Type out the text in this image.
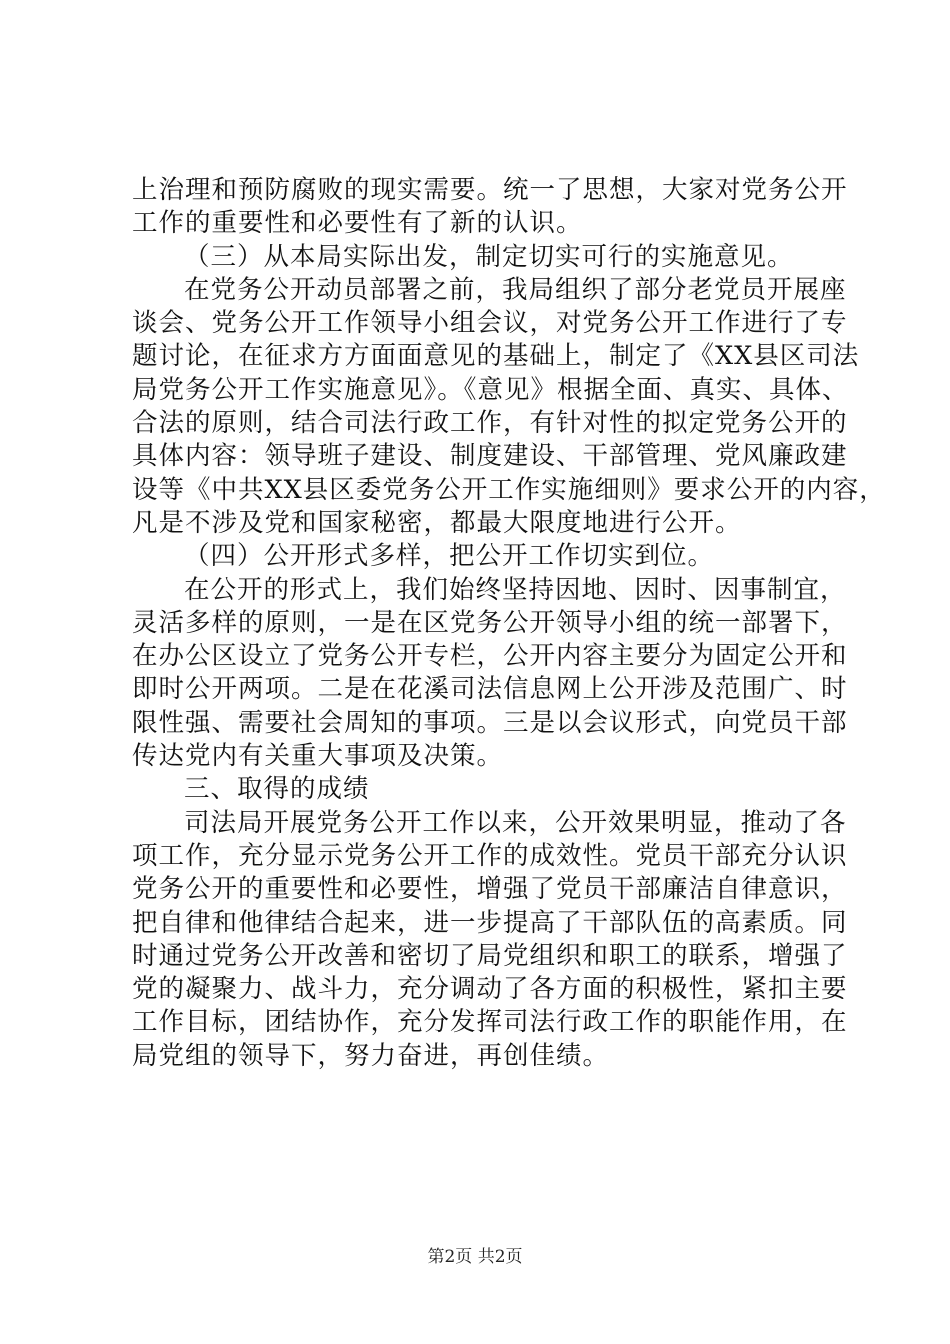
上治理和预防腐败的现实需要。统一了思想，大家对党务公开
工作的重要性和必要性有了新的认识。
（三）从本局实际出发，制定切实可行的实施意见。
在党务公开动员部署之前，我局组织了部分老党员开展座
谈会、党务公开工作领导小组会议，对党务公开工作进行了专
题讨论，在征求方方面面意见的基础上，制定了《XX县区司法
局党务公开工作实施意见》。《意见》根据全面、真实、具体、
合法的原则，结合司法行政工作，有针对性的拟定党务公开的
具体内容：领导班子建设、制度建设、干部管理、党风廉政建
设等《中共XX县区委党务公开工作实施细则》要求公开的内容，
凡是不涉及党和国家秘密，都最大限度地进行公开。
（四）公开形式多样，把公开工作切实到位。
在公开的形式上，我们始终坚持因地、因时、因事制宜，
灵活多样的原则，一是在区党务公开领导小组的统一部署下，
在办公区设立了党务公开专栏，公开内容主要分为固定公开和
即时公开两项。二是在花溪司法信息网上公开涉及范围广、时
限性强、需要社会周知的事项。三是以会议形式，向党员干部
传达党内有关重大事项及决策。
三、取得的成绩
司法局开展党务公开工作以来，公开效果明显，推动了各
项工作，充分显示党务公开工作的成效性。党员干部充分认识
党务公开的重要性和必要性，增强了党员干部廉洁自律意识，
把自律和他律结合起来，进一步提高了干部队伍的高素质。同
时通过党务公开改善和密切了局党组织和职工的联系，增强了
党的凝聚力、战斗力，充分调动了各方面的积极性，紧扣主要
工作目标，团结协作，充分发挥司法行政工作的职能作用，在
局党组的领导下，努力奋进，再创佳绩。
第2页 共2页
